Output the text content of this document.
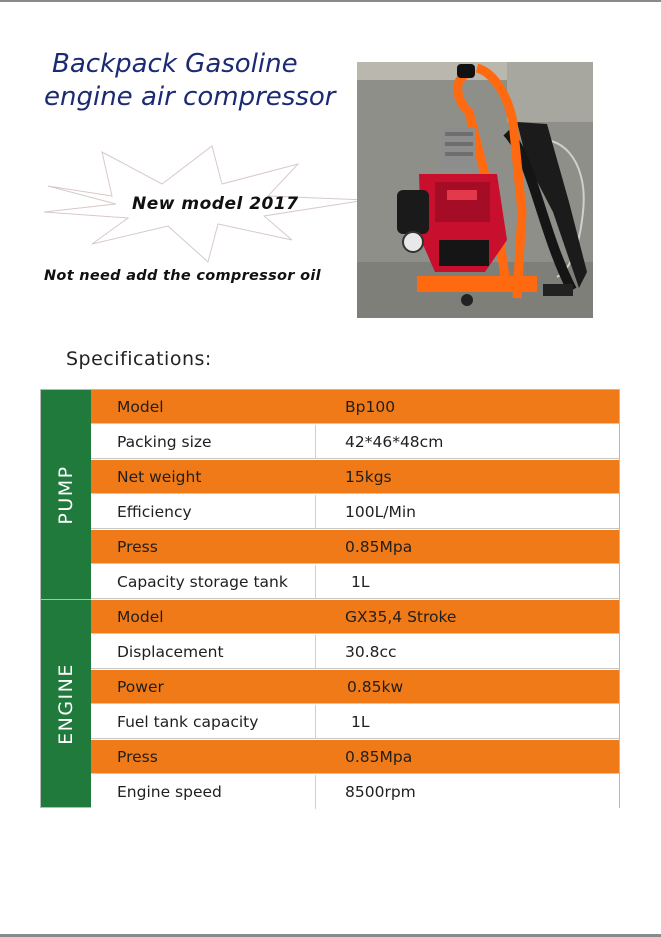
Backpack Gasoline
engine air compressor
New model 2017
Not need add the compressor oil
Specifications:
PUMP
ENGINE
Model	Bp100
Packing size	42*46*48cm
Net weight	15kgs
Efficiency	100L/Min
Press	0.85Mpa
Capacity storage tank	1L
Model	GX35,4 Stroke
Displacement	30.8cc
Power	0.85kw
Fuel tank capacity	1L
Press	0.85Mpa
Engine speed	8500rpm
